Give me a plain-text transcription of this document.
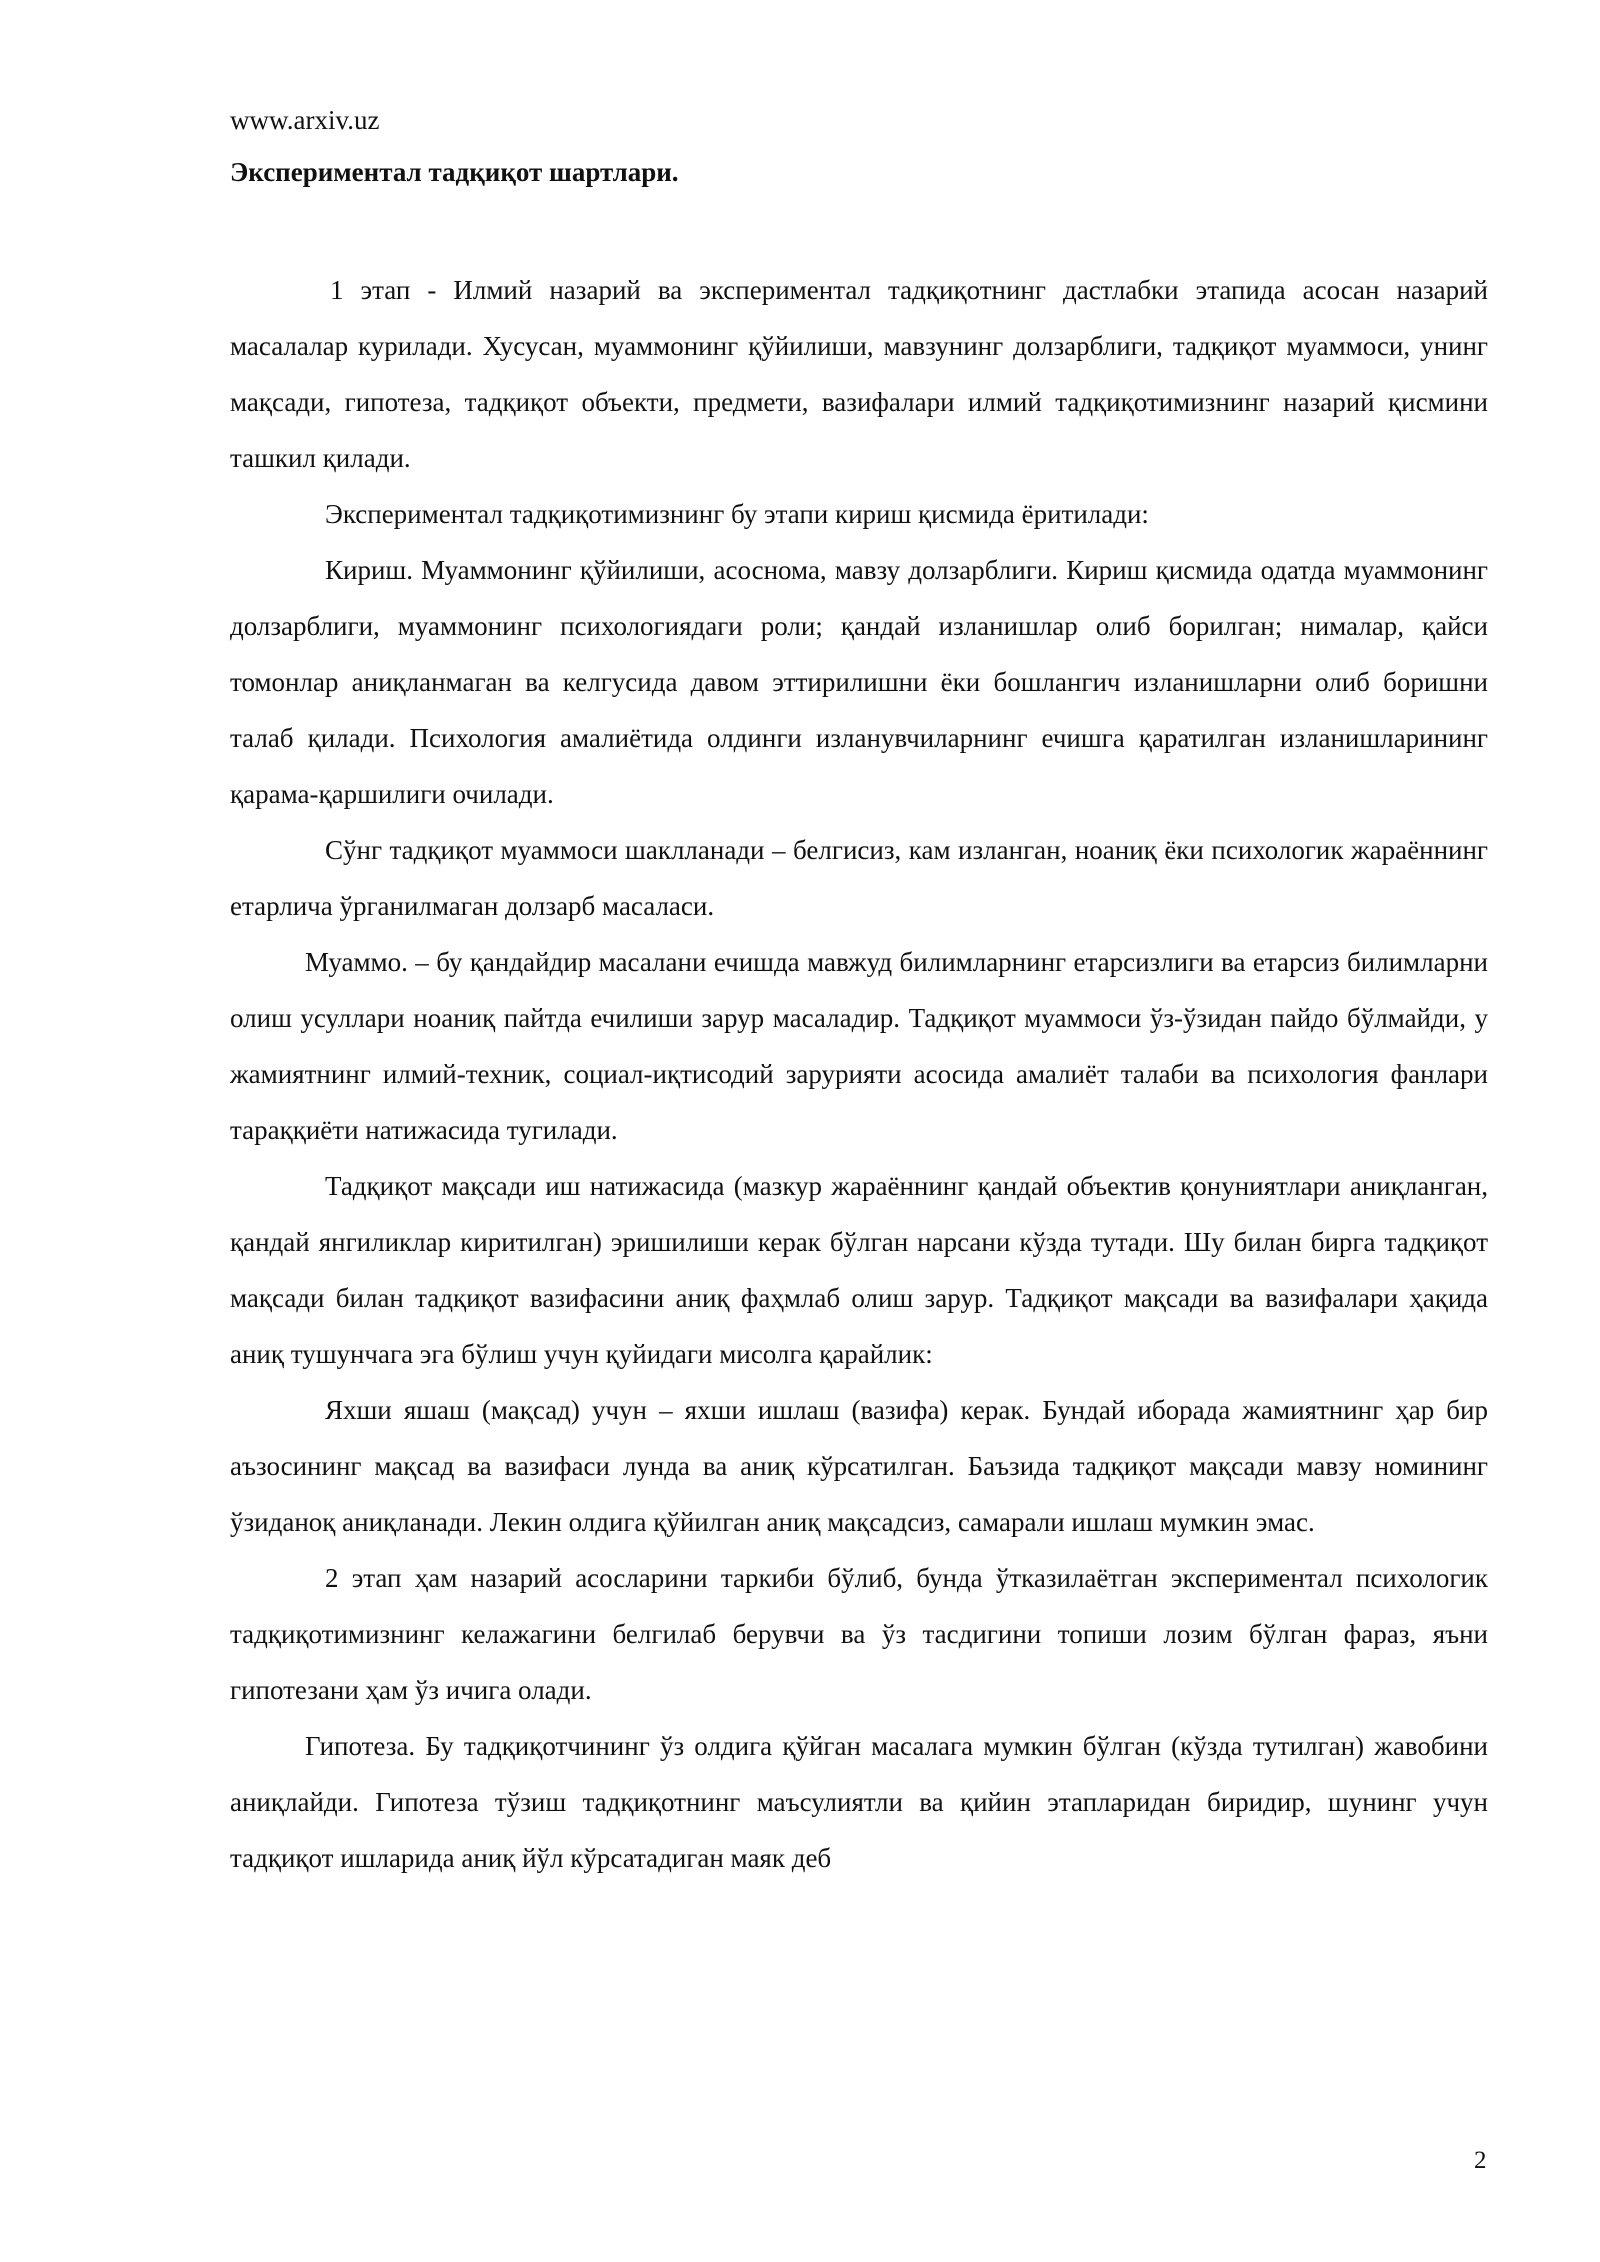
www.arxiv.uz
Экспериментал тадқиқот шартлари.

1 этап - Илмий назарий ва экспериментал тадқиқотнинг дастлабки этапида асосан назарий масалалар курилади. Хусусан, муаммонинг қўйилиши, мавзунинг долзарблиги, тадқиқот муаммоси, унинг мақсади, гипотеза, тадқиқот объекти, предмети, вазифалари илмий тадқиқотимизнинг назарий қисмини ташкил қилади.

Экспериментал тадқиқотимизнинг бу этапи кириш қисмида ёритилади:

Кириш. Муаммонинг қўйилиши, асоснома, мавзу долзарблиги. Кириш қисмида одатда муаммонинг долзарблиги, муаммонинг психологиядаги роли; қандай изланишлар олиб борилган; нималар, қайси томонлар аниқланмаган ва келгусида давом эттирилишни ёки бошлангич изланишларни олиб боришни талаб қилади. Психология амалиётида олдинги изланувчиларнинг ечишга қаратилган изланишларининг қарама-қаршилиги очилади.

Сўнг тадқиқот муаммоси шаклланади – белгисиз, кам изланган, ноаниқ ёки психологик жараённинг етарлича ўрганилмаган долзарб масаласи.

Муаммо. – бу қандайдир масалани ечишда мавжуд билимларнинг етарсизлиги ва етарсиз билимларни олиш усуллари ноаниқ пайтда ечилиши зарур масаладир. Тадқиқот муаммоси ўз-ўзидан пайдо бўлмайди, у жамиятнинг илмий-техник, социал-иқтисодий зарурияти асосида амалиёт талаби ва психология фанлари тараққиёти натижасида тугилади.

Тадқиқот мақсади иш натижасида (мазкур жараённинг қандай объектив қонуниятлари аниқланган, қандай янгиликлар киритилган) эришилиши керак бўлган нарсани кўзда тутади. Шу билан бирга тадқиқот мақсади билан тадқиқот вазифасини аниқ фаҳмлаб олиш зарур. Тадқиқот мақсади ва вазифалари ҳақида аниқ тушунчага эга бўлиш учун қуйидаги мисолга қарайлик:

Яхши яшаш (мақсад) учун – яхши ишлаш (вазифа) керак. Бундай иборада жамиятнинг ҳар бир аъзосининг мақсад ва вазифаси лунда ва аниқ кўрсатилган. Баъзида тадқиқот мақсади мавзу номининг ўзиданоқ аниқланади. Лекин олдига қўйилган аниқ мақсадсиз, самарали ишлаш мумкин эмас.

2 этап ҳам назарий асосларини таркиби бўлиб, бунда ўтказилаётган экспериментал психологик тадқиқотимизнинг келажагини белгилаб берувчи ва ўз тасдигини топиши лозим бўлган фараз, яъни гипотезани ҳам ўз ичига олади.

Гипотеза. Бу тадқиқотчининг ўз олдига қўйган масалага мумкин бўлган (кўзда тутилган) жавобини аниқлайди. Гипотеза тўзиш тадқиқотнинг маъсулиятли ва қийин этапларидан биридир, шунинг учун тадқиқот ишларида аниқ йўл кўрсатадиган маяк деб

2
